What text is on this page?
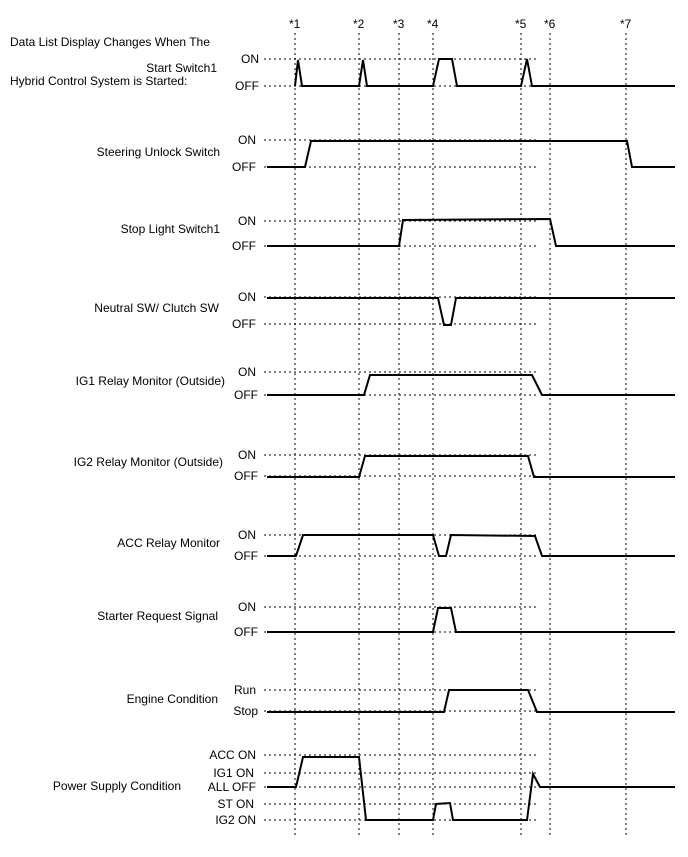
Data List Display Changes When The

Hybrid Control System is Started:

*1	*2 *3 *4	*5 *6	*7
Start Switch1
ON
OFF
Steering Unlock Switch
ON
OFF
Stop Light Switch1
ON
OFF
Neutral SW/ Clutch SW
ON
OFF
IG1 Relay Monitor (Outside)
ON
OFF
IG2 Relay Monitor (Outside) ON
OFF
ACC Relay Monitor
ON
OFF
Starter Request Signal
ON
OFF
Engine Condition
Run
Stop
Power Supply Condition
ACC ON
IG1 ON
ALL OFF
ST ON
IG2 ON
